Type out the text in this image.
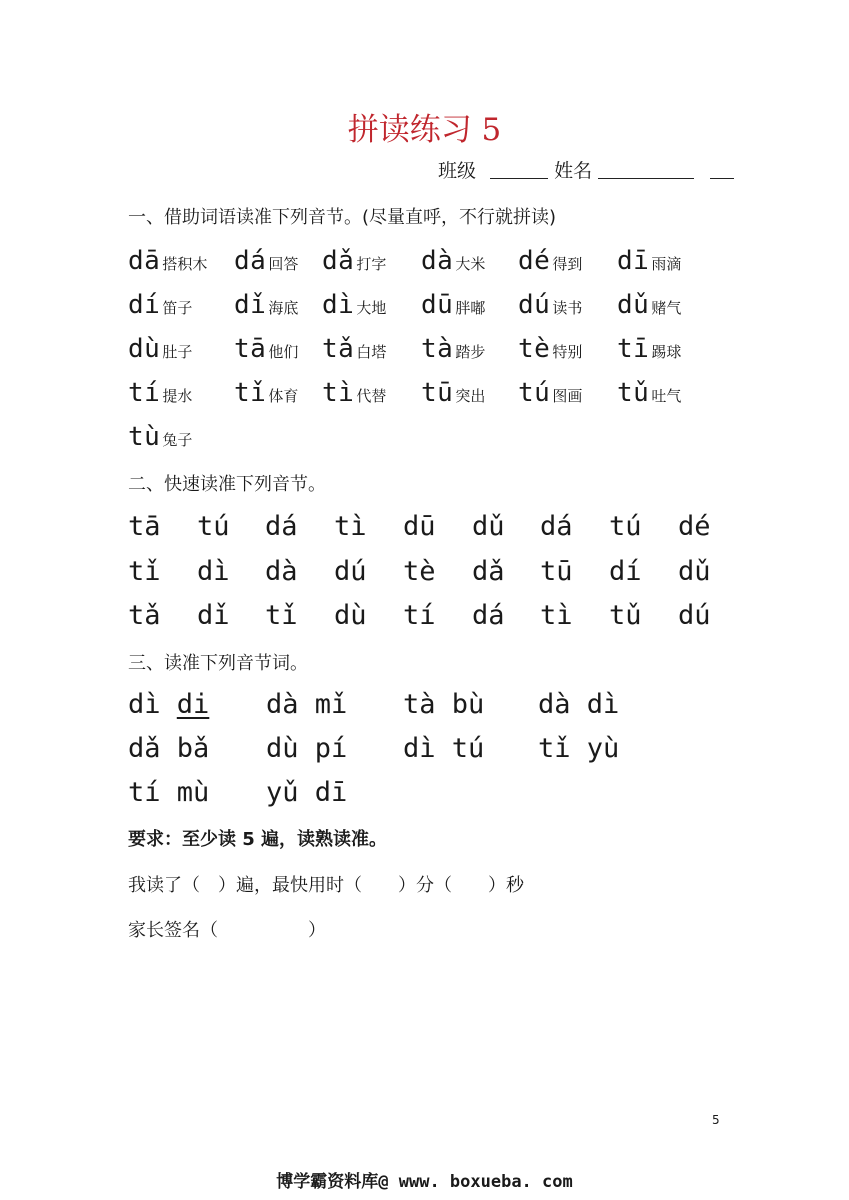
拼读练习 5
班级	姓名
一、借助词语读准下列音节。(尽量直呼，不行就拼读)
dā 搭积木 dá 回答 dǎ 打字 dà 大米 dé 得到 dī 雨滴
dí 笛子 dǐ 海底 dì 大地 dū 胖嘟 dú 读书 dǔ 赌气
dù 肚子 tā 他们 tǎ 白塔 tà 踏步 tè 特别 tī 踢球
tí 提水 tǐ 体育 tì 代替 tū 突出 tú 图画 tǔ 吐气
tù 兔子
二、快速读准下列音节。
tā tú dá tì dū dǔ dá tú dé
tǐ dì dà dú tè dǎ tū dí dǔ
tǎ dǐ tǐ dù tí dá tì tǔ dú
三、读准下列音节词。
dì di dà mǐ tà bù dà dì
dǎ bǎ dù pí dì tú tǐ yù
tí mù yǔ dī
要求：至少读 5 遍，读熟读准。
我读了（　）遍，最快用时（　　）分（　　）秒
家长签名（　　　　　）
5
博学霸资料库@ www. boxueba. com
